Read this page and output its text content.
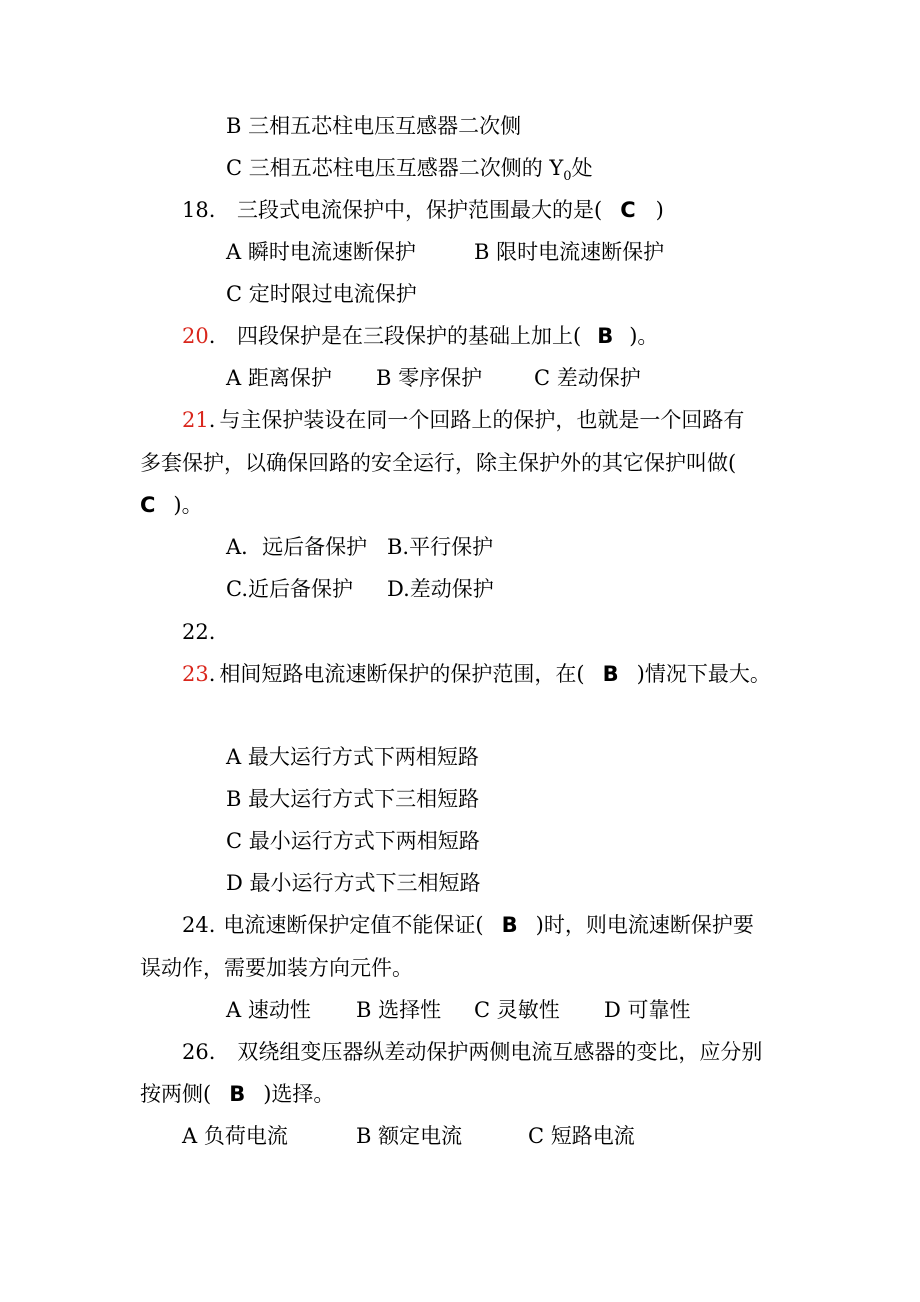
B 三相五芯柱电压互感器二次侧
C 三相五芯柱电压互感器二次侧的 $Y_0$处
18. 三段式电流保护中，保护范围最大的是( C )
A 瞬时电流速断保护	B 限时电流速断保护
C 定时限过电流保护
20. 四段保护是在三段保护的基础上加上( B )。
A 距离保护 B 零序保护 C 差动保护
21. 与主保护装设在同一个回路上的保护，也就是一个回路有
多套保护，以确保回路的安全运行，除主保护外的其它保护叫做(
C )。
A．远后备保护 B.平行保护
C.近后备保护 D.差动保护
22.
23. 相间短路电流速断保护的保护范围，在( B )情况下最大。
A 最大运行方式下两相短路
B 最大运行方式下三相短路
C 最小运行方式下两相短路
D 最小运行方式下三相短路
24. 电流速断保护定值不能保证( B )时，则电流速断保护要
误动作，需要加装方向元件。
A 速动性 B 选择性 C 灵敏性 D 可靠性
26. 双绕组变压器纵差动保护两侧电流互感器的变比，应分别
按两侧( B )选择。
A 负荷电流	B 额定电流	C 短路电流
